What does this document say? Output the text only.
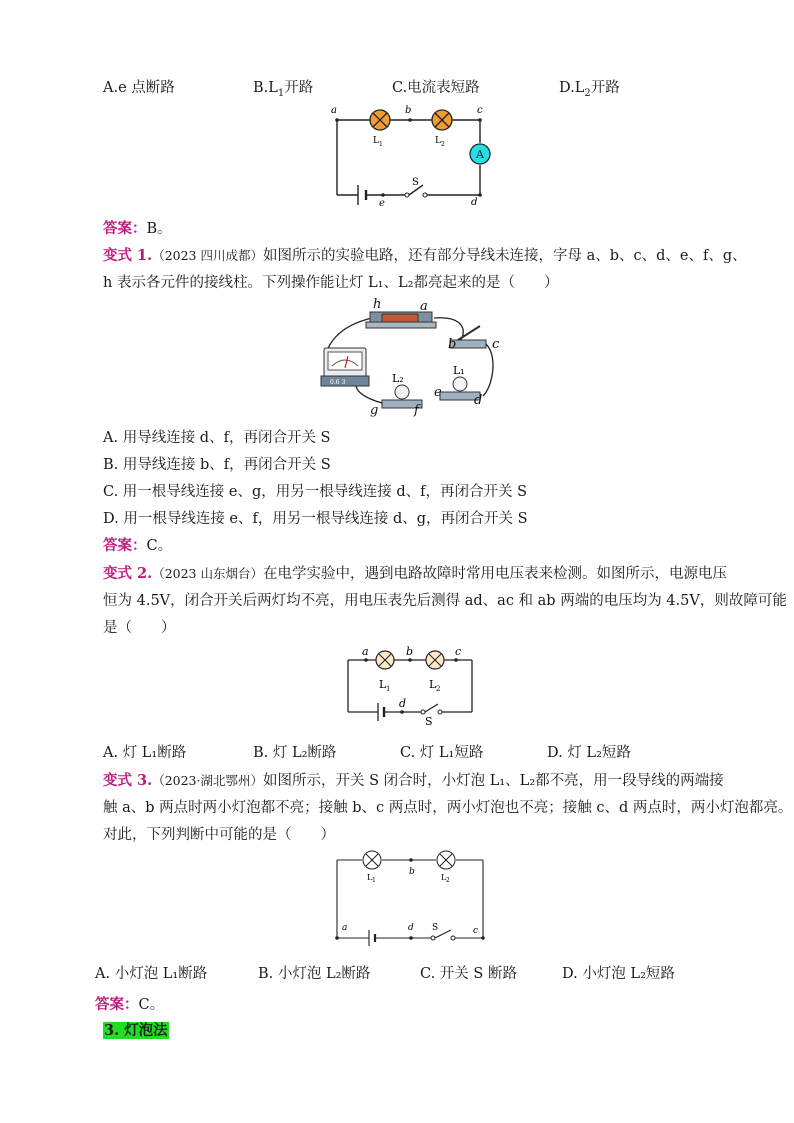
A.e 点断路	$B.L_1$开路	C.电流表短路	$D.L_2$开路
A
a	b	c
d
e
L 1	L 2
S
答案：B。
变式 1.（2023 四川成都）如图所示的实验电路，还有部分导线未连接，字母 a、b、c、d、e、f、g、
h 表示各元件的接线柱。下列操作能让灯 L₁、L₂都亮起来的是（　　）
0.6 3
h	a
b	c
d
e
f
g
L₁
L₂
A. 用导线连接 d、f，再闭合开关 S
B. 用导线连接 b、f，再闭合开关 S
C. 用一根导线连接 e、g，用另一根导线连接 d、f，再闭合开关 S
D. 用一根导线连接 e、f，用另一根导线连接 d、g，再闭合开关 S
答案：C。
变式 2.（2023 山东烟台）在电学实验中，遇到电路故障时常用电压表来检测。如图所示，电源电压
恒为 4.5V，闭合开关后两灯均不亮，用电压表先后测得 ad、ac 和 ab 两端的电压均为 4.5V，则故障可能
是（　　）
a	b	c
d
L 1	L 2
S
A. 灯 L₁断路	B. 灯 L₂断路	C. 灯 L₁短路	D. 灯 L₂短路
变式 3.（2023·湖北鄂州）如图所示，开关 S 闭合时，小灯泡 L₁、L₂都不亮，用一段导线的两端接
触 a、b 两点时两小灯泡都不亮；接触 b、c 两点时，两小灯泡也不亮；接触 c、d 两点时，两小灯泡都亮。
对此，下列判断中可能的是（　　）
b
a	d	c
L 1	L 2
S
A. 小灯泡 L₁断路	B. 小灯泡 L₂断路	C. 开关 S 断路	D. 小灯泡 L₂短路
答案：C。
3. 灯泡法
